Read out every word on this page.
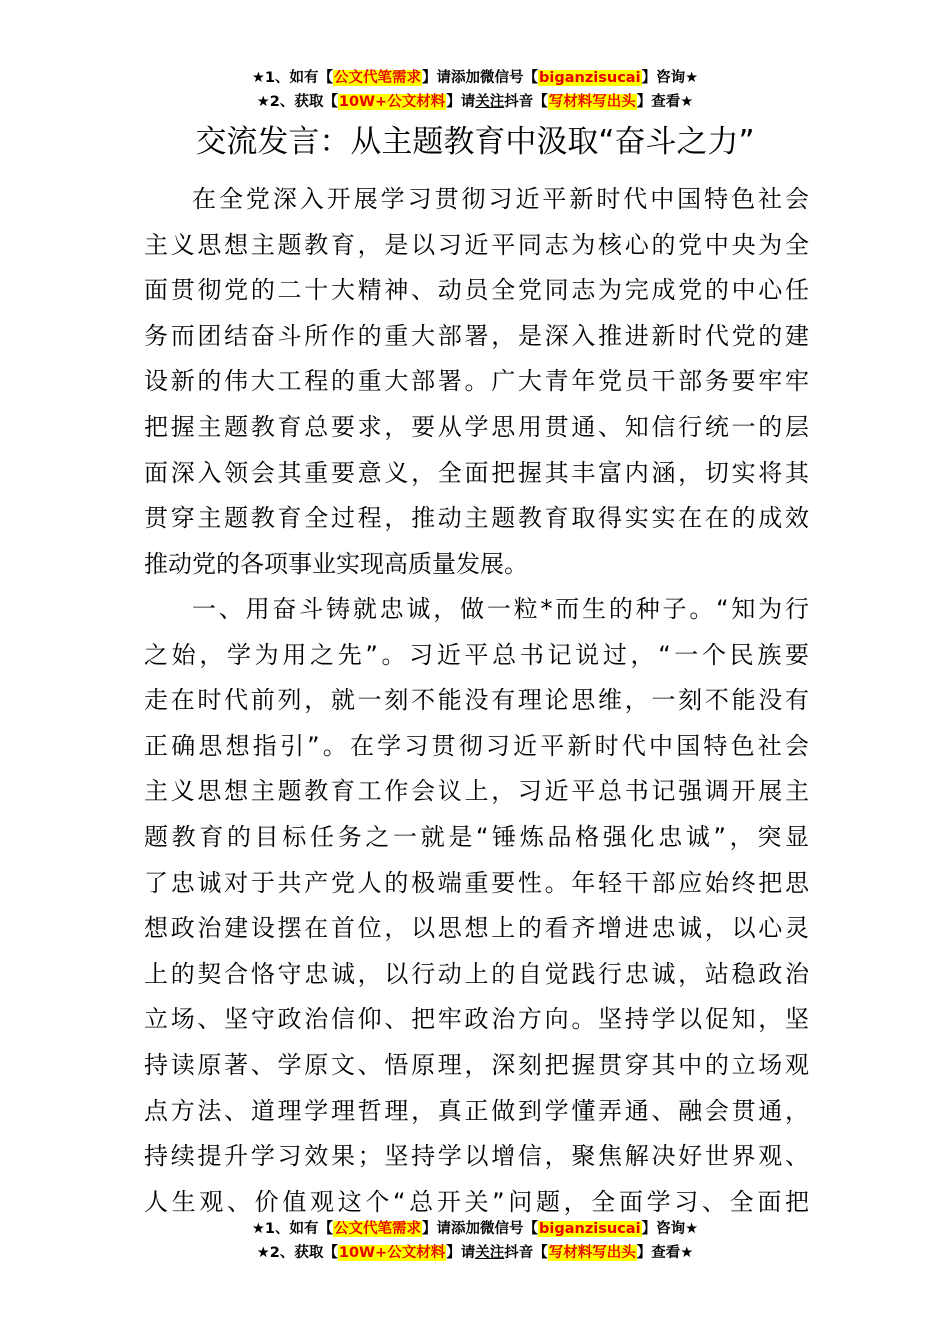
★1、如有【公文代笔需求】请添加微信号【biganzisucai】咨询★
★2、获取【10W+公文材料】请关注抖音【写材料写出头】查看★
交流发言：从主题教育中汲取“奋斗之力”
在全党深入开展学习贯彻习近平新时代中国特色社会
主义思想主题教育，是以习近平同志为核心的党中央为全
面贯彻党的二十大精神、动员全党同志为完成党的中心任
务而团结奋斗所作的重大部署，是深入推进新时代党的建
设新的伟大工程的重大部署。广大青年党员干部务要牢牢
把握主题教育总要求，要从学思用贯通、知信行统一的层
面深入领会其重要意义，全面把握其丰富内涵，切实将其
贯穿主题教育全过程，推动主题教育取得实实在在的成效
推动党的各项事业实现高质量发展。
一、用奋斗铸就忠诚，做一粒*而生的种子。“知为行
之始，学为用之先”。习近平总书记说过，“一个民族要
走在时代前列，就一刻不能没有理论思维，一刻不能没有
正确思想指引”。在学习贯彻习近平新时代中国特色社会
主义思想主题教育工作会议上，习近平总书记强调开展主
题教育的目标任务之一就是“锤炼品格强化忠诚”，突显
了忠诚对于共产党人的极端重要性。年轻干部应始终把思
想政治建设摆在首位，以思想上的看齐增进忠诚，以心灵
上的契合恪守忠诚，以行动上的自觉践行忠诚，站稳政治
立场、坚守政治信仰、把牢政治方向。坚持学以促知，坚
持读原著、学原文、悟原理，深刻把握贯穿其中的立场观
点方法、道理学理哲理，真正做到学懂弄通、融会贯通，
持续提升学习效果；坚持学以增信，聚焦解决好世界观、
人生观、价值观这个“总开关”问题，全面学习、全面把
★1、如有【公文代笔需求】请添加微信号【biganzisucai】咨询★
★2、获取【10W+公文材料】请关注抖音【写材料写出头】查看★
